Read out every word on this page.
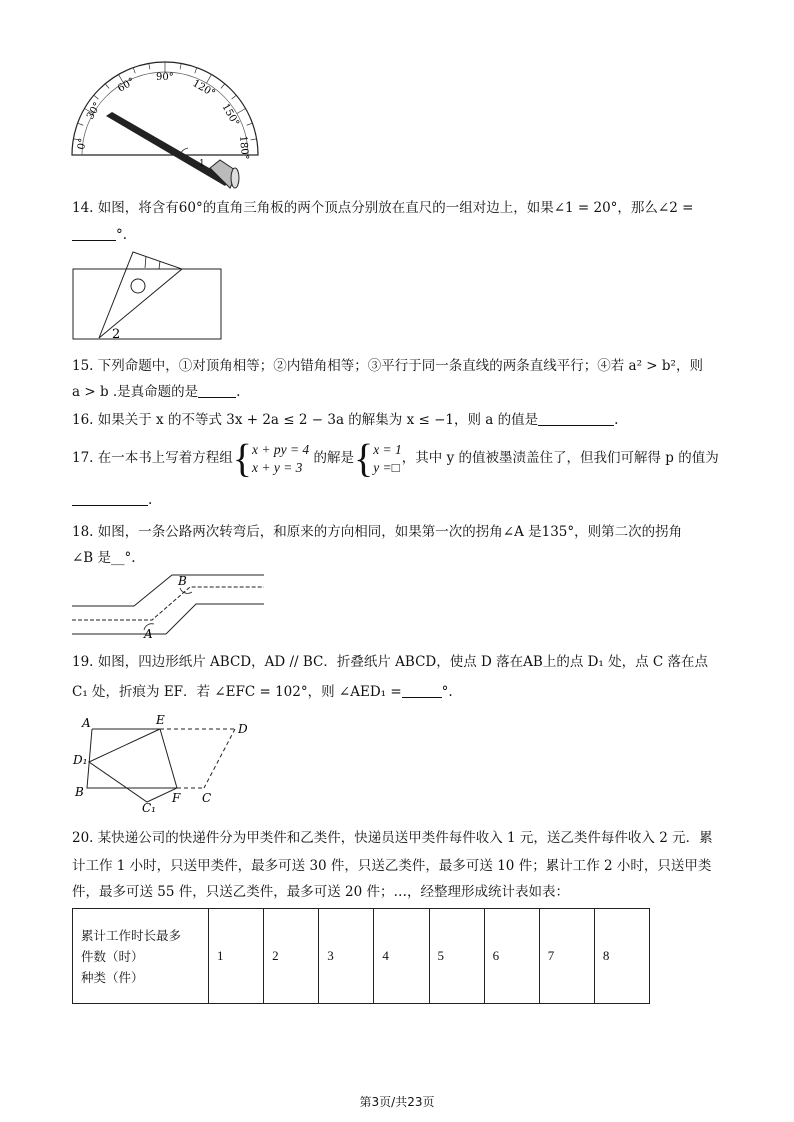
1
0°
30°
60° 90°
120°
150°
180°
14. 如图，将含有60°的直角三角板的两个顶点分别放在直尺的一组对边上，如果∠1 = 20°，那么∠2 =
°.
2
15. 下列命题中，①对顶角相等；②内错角相等；③平行于同一条直线的两条直线平行；④若 a² > b²，则
a > b .是真命题的是	.
16. 如果关于 x 的不等式 3x + 2a ≤ 2 − 3a 的解集为 x ≤ −1，则 a 的值是	.
17. 在一本书上写着方程组{x + py = 4
x + y = 3 的解是{x = 1
y =□，其中 y 的值被墨渍盖住了，但我们可解得 p 的值为
.
18. 如图，一条公路两次转弯后，和原来的方向相同，如果第一次的拐角∠A 是135°，则第二次的拐角
∠B 是__°.
A
B
19. 如图，四边形纸片 ABCD，AD // BC．折叠纸片 ABCD，使点 D 落在AB上的点 D₁ 处，点 C 落在点
C₁ 处，折痕为 EF．若 ∠EFC = 102°，则 ∠AED₁ =	°.
A	E
D
D₁
B
C₁
F C
20. 某快递公司的快递件分为甲类件和乙类件，快递员送甲类件每件收入 1 元，送乙类件每件收入 2 元．累
计工作 1 小时，只送甲类件，最多可送 30 件，只送乙类件，最多可送 10 件；累计工作 2 小时，只送甲类
件，最多可送 55 件，只送乙类件，最多可送 20 件；…，经整理形成统计表如表：
累计工作时长最多
件数（时）
种类（件）	1	2	3	4	5	6	7	8
第3页/共23页
